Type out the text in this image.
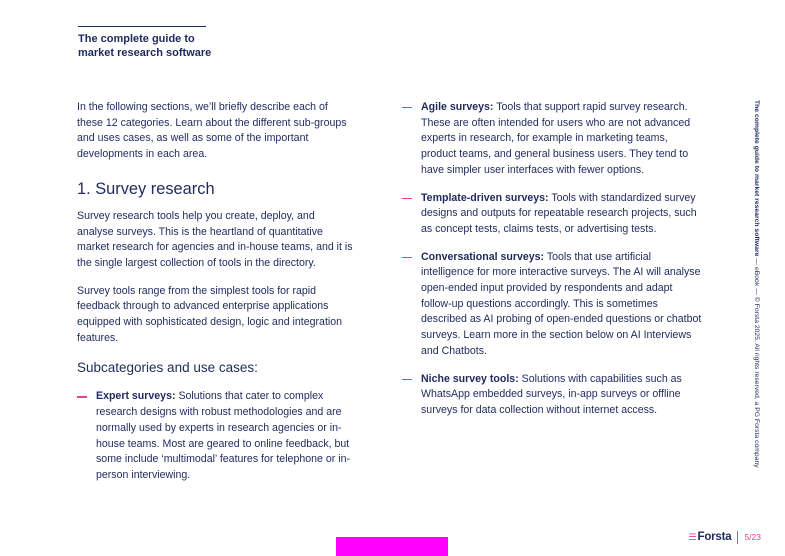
The complete guide to
market research software

In the following sections, we’ll briefly describe each of these 12 categories. Learn about the different sub-groups and uses cases, as well as some of the important developments in each area.

1. Survey research

Survey research tools help you create, deploy, and analyse surveys. This is the heartland of quantitative market research for agencies and in-house teams, and it is the single largest collection of tools in the directory.

Survey tools range from the simplest tools for rapid feedback through to advanced enterprise applications equipped with sophisticated design, logic and integration features.

Subcategories and use cases:
Expert surveys: Solutions that cater to complex research designs with robust methodologies and are normally used by experts in research agencies or in-house teams. Most are geared to online feedback, but some include ‘multimodal’ features for telephone or in-person interviewing.
Agile surveys: Tools that support rapid survey research. These are often intended for users who are not advanced experts in research, for example in marketing teams, product teams, and general business users. They tend to have simpler user interfaces with fewer options.
Template-driven surveys: Tools with standardized survey designs and outputs for repeatable research projects, such as concept tests, claims tests, or advertising tests.
Conversational surveys: Tools that use artificial intelligence for more interactive surveys. The AI will analyse open-ended input provided by respondents and adapt follow-up questions accordingly. This is sometimes described as AI probing of open-ended questions or chatbot surveys. Learn more in the section below on AI Interviews and Chatbots.
Niche survey tools: Solutions with capabilities such as WhatsApp embedded surveys, in-app surveys or offline surveys for data collection without internet access.
The complete guide to market research software — eBook — © Forsta 2025. All rights reserved, a PG Forsta company
☰ Forsta 5/23
